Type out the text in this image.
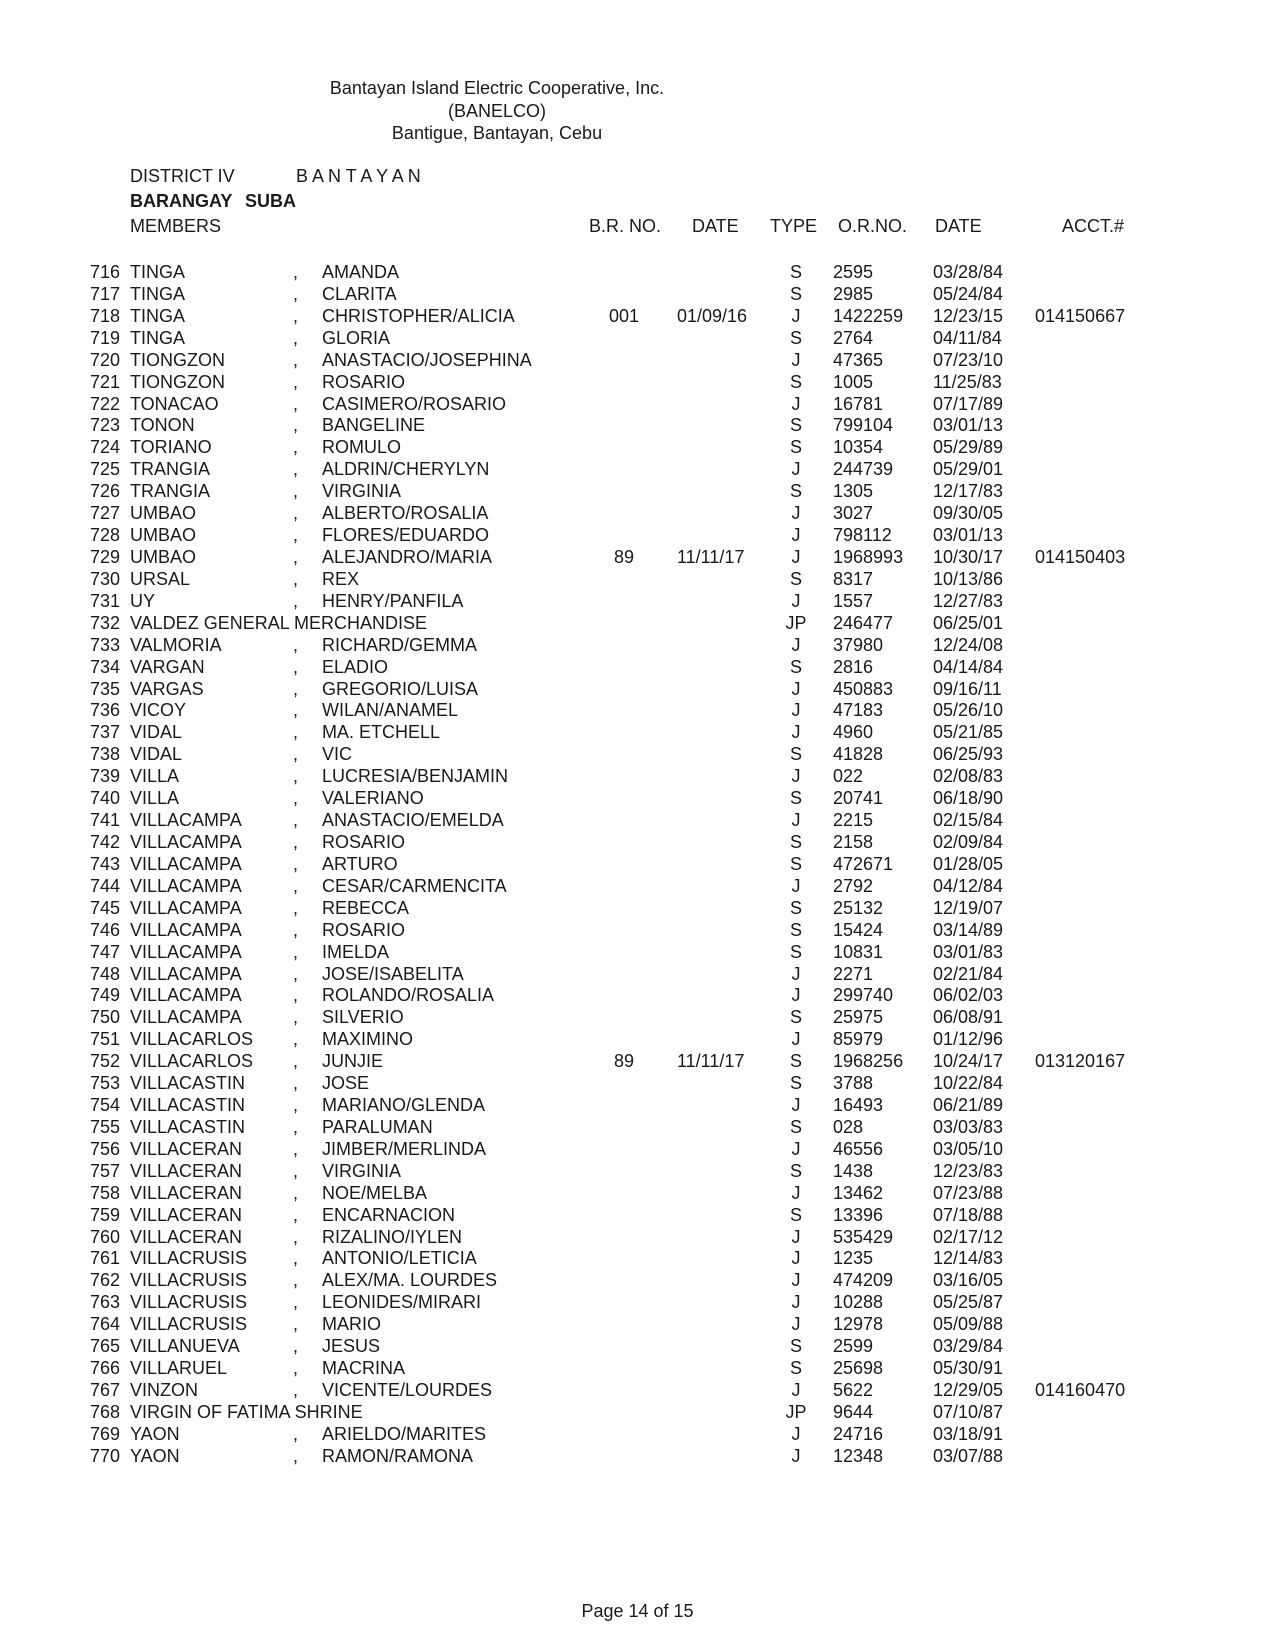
Bantayan Island Electric Cooperative, Inc.
(BANELCO)
Bantigue, Bantayan, Cebu
DISTRICT IV	B A N T A Y A N
BARANGAY SUBA
MEMBERS	B.R. NO. DATE TYPE O.R.NO. DATE	ACCT.#
716 TINGA	, AMANDA	S	2595	03/28/84
717 TINGA	, CLARITA	S	2985	05/24/84
718 TINGA	, CHRISTOPHER/ALICIA	001	01/09/16	J	1422259 12/23/15 014150667
719 TINGA	, GLORIA	S	2764	04/11/84
720 TIONGZON	, ANASTACIO/JOSEPHINA	J	47365	07/23/10
721 TIONGZON	, ROSARIO	S	1005	11/25/83
722 TONACAO	, CASIMERO/ROSARIO	J	16781	07/17/89
723 TONON	, BANGELINE	S	799104 03/01/13
724 TORIANO	, ROMULO	S	10354	05/29/89
725 TRANGIA	, ALDRIN/CHERYLYN	J	244739 05/29/01
726 TRANGIA	, VIRGINIA	S	1305	12/17/83
727 UMBAO	, ALBERTO/ROSALIA	J	3027	09/30/05
728 UMBAO	, FLORES/EDUARDO	J	798112 03/01/13
729 UMBAO	, ALEJANDRO/MARIA	89	11/11/17	J	1968993 10/30/17 014150403
730 URSAL	, REX	S	8317	10/13/86
731 UY	, HENRY/PANFILA	J	1557	12/27/83
732 VALDEZ GENERAL MERCHANDISE	JP	246477 06/25/01
733 VALMORIA	, RICHARD/GEMMA	J	37980	12/24/08
734 VARGAN	, ELADIO	S	2816	04/14/84
735 VARGAS	, GREGORIO/LUISA	J	450883 09/16/11
736 VICOY	, WILAN/ANAMEL	J	47183	05/26/10
737 VIDAL	, MA. ETCHELL	J	4960	05/21/85
738 VIDAL	, VIC	S	41828	06/25/93
739 VILLA	, LUCRESIA/BENJAMIN	J	022	02/08/83
740 VILLA	, VALERIANO	S	20741	06/18/90
741 VILLACAMPA	, ANASTACIO/EMELDA	J	2215	02/15/84
742 VILLACAMPA	, ROSARIO	S	2158	02/09/84
743 VILLACAMPA	, ARTURO	S	472671 01/28/05
744 VILLACAMPA	, CESAR/CARMENCITA	J	2792	04/12/84
745 VILLACAMPA	, REBECCA	S	25132	12/19/07
746 VILLACAMPA	, ROSARIO	S	15424	03/14/89
747 VILLACAMPA	, IMELDA	S	10831	03/01/83
748 VILLACAMPA	, JOSE/ISABELITA	J	2271	02/21/84
749 VILLACAMPA	, ROLANDO/ROSALIA	J	299740 06/02/03
750 VILLACAMPA	, SILVERIO	S	25975	06/08/91
751 VILLACARLOS , MAXIMINO	J	85979	01/12/96
752 VILLACARLOS , JUNJIE	89	11/11/17	S	1968256 10/24/17 013120167
753 VILLACASTIN	, JOSE	S	3788	10/22/84
754 VILLACASTIN	, MARIANO/GLENDA	J	16493	06/21/89
755 VILLACASTIN	, PARALUMAN	S	028	03/03/83
756 VILLACERAN	, JIMBER/MERLINDA	J	46556	03/05/10
757 VILLACERAN	, VIRGINIA	S	1438	12/23/83
758 VILLACERAN	, NOE/MELBA	J	13462	07/23/88
759 VILLACERAN	, ENCARNACION	S	13396	07/18/88
760 VILLACERAN	, RIZALINO/IYLEN	J	535429 02/17/12
761 VILLACRUSIS	, ANTONIO/LETICIA	J	1235	12/14/83
762 VILLACRUSIS	, ALEX/MA. LOURDES	J	474209 03/16/05
763 VILLACRUSIS	, LEONIDES/MIRARI	J	10288	05/25/87
764 VILLACRUSIS	, MARIO	J	12978	05/09/88
765 VILLANUEVA	, JESUS	S	2599	03/29/84
766 VILLARUEL	, MACRINA	S	25698	05/30/91
767 VINZON	, VICENTE/LOURDES	J	5622	12/29/05 014160470
768 VIRGIN OF FATIMA SHRINE	JP	9644	07/10/87
769 YAON	, ARIELDO/MARITES	J	24716	03/18/91
770 YAON	, RAMON/RAMONA	J	12348	03/07/88
Page 14 of 15
